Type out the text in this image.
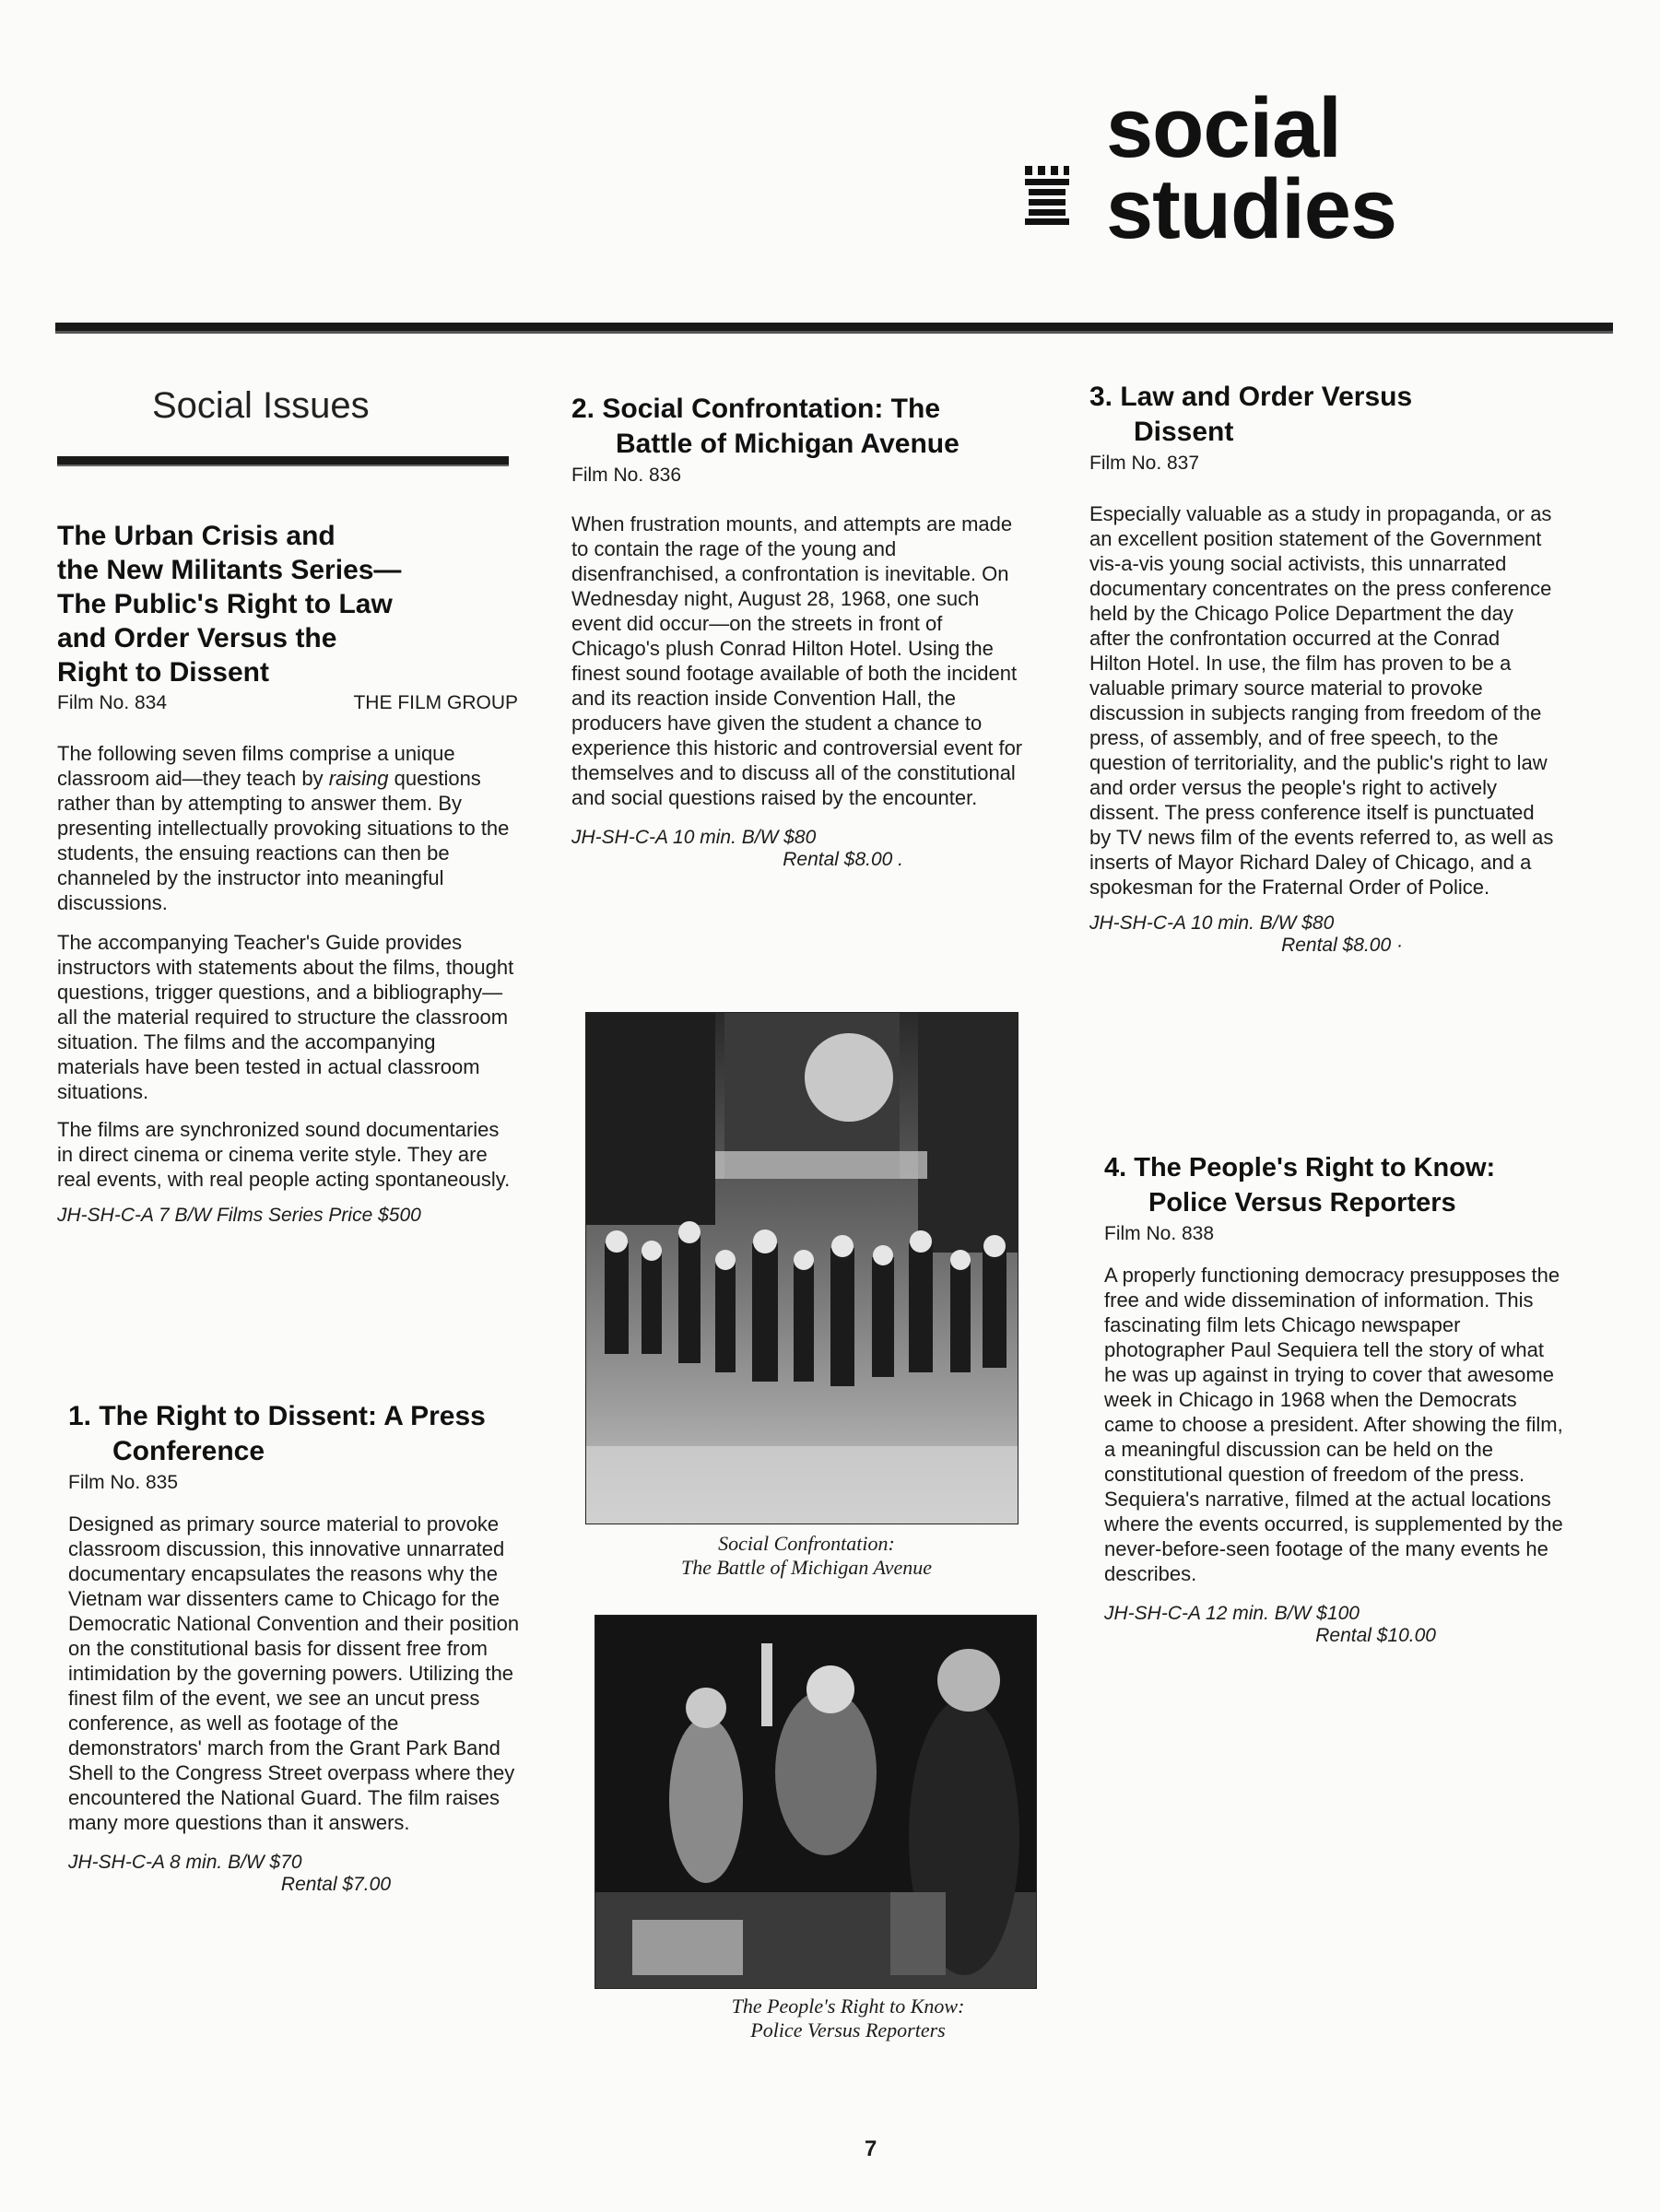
social
studies
Social Issues
The Urban Crisis and
the New Militants Series—
The Public's Right to Law
and Order Versus the
Right to Dissent
Film No. 834	THE FILM GROUP

The following seven films comprise a unique classroom aid—they teach by raising questions rather than by attempting to answer them. By presenting intellectually provoking situations to the students, the ensuing reactions can then be channeled by the instructor into meaningful discussions.

The accompanying Teacher's Guide provides instructors with statements about the films, thought questions, trigger questions, and a bibliography—all the material required to structure the classroom situation. The films and the accompanying materials have been tested in actual classroom situations.

The films are synchronized sound documentaries in direct cinema or cinema verite style. They are real events, with real people acting spontaneously.

JH-SH-C-A 7 B/W Films Series Price $500
1. The Right to Dissent: A Press
Conference
Film No. 835

Designed as primary source material to provoke classroom discussion, this innovative unnarrated documentary encapsulates the reasons why the Vietnam war dissenters came to Chicago for the Democratic National Convention and their position on the constitutional basis for dissent free from intimidation by the governing powers. Utilizing the finest film of the event, we see an uncut press conference, as well as footage of the demonstrators' march from the Grant Park Band Shell to the Congress Street overpass where they encountered the National Guard. The film raises many more questions than it answers.

JH-SH-C-A 8 min. B/W $70
Rental $7.00
2. Social Confrontation: The
Battle of Michigan Avenue
Film No. 836

When frustration mounts, and attempts are made to contain the rage of the young and disenfranchised, a confrontation is inevitable. On Wednesday night, August 28, 1968, one such event did occur—on the streets in front of Chicago's plush Conrad Hilton Hotel. Using the finest sound footage available of both the incident and its reaction inside Convention Hall, the producers have given the student a chance to experience this historic and controversial event for themselves and to discuss all of the constitutional and social questions raised by the encounter.

JH-SH-C-A 10 min. B/W $80
Rental $8.00 .
Social Confrontation:
The Battle of Michigan Avenue
The People's Right to Know:
Police Versus Reporters
3. Law and Order Versus
Dissent
Film No. 837

Especially valuable as a study in propaganda, or as an excellent position statement of the Government vis-a-vis young social activists, this unnarrated documentary concentrates on the press conference held by the Chicago Police Department the day after the confrontation occurred at the Conrad Hilton Hotel. In use, the film has proven to be a valuable primary source material to provoke discussion in subjects ranging from freedom of the press, of assembly, and of free speech, to the question of territoriality, and the public's right to law and order versus the people's right to actively dissent. The press conference itself is punctuated by TV news film of the events referred to, as well as inserts of Mayor Richard Daley of Chicago, and a spokesman for the Fraternal Order of Police.

JH-SH-C-A 10 min. B/W $80
Rental $8.00 ·
4. The People's Right to Know:
Police Versus Reporters
Film No. 838

A properly functioning democracy presupposes the free and wide dissemination of information. This fascinating film lets Chicago newspaper photographer Paul Sequiera tell the story of what he was up against in trying to cover that awesome week in Chicago in 1968 when the Democrats came to choose a president. After showing the film, a meaningful discussion can be held on the constitutional question of freedom of the press. Sequiera's narrative, filmed at the actual locations where the events occurred, is supplemented by the never-before-seen footage of the many events he describes.

JH-SH-C-A 12 min. B/W $100
Rental $10.00
7
